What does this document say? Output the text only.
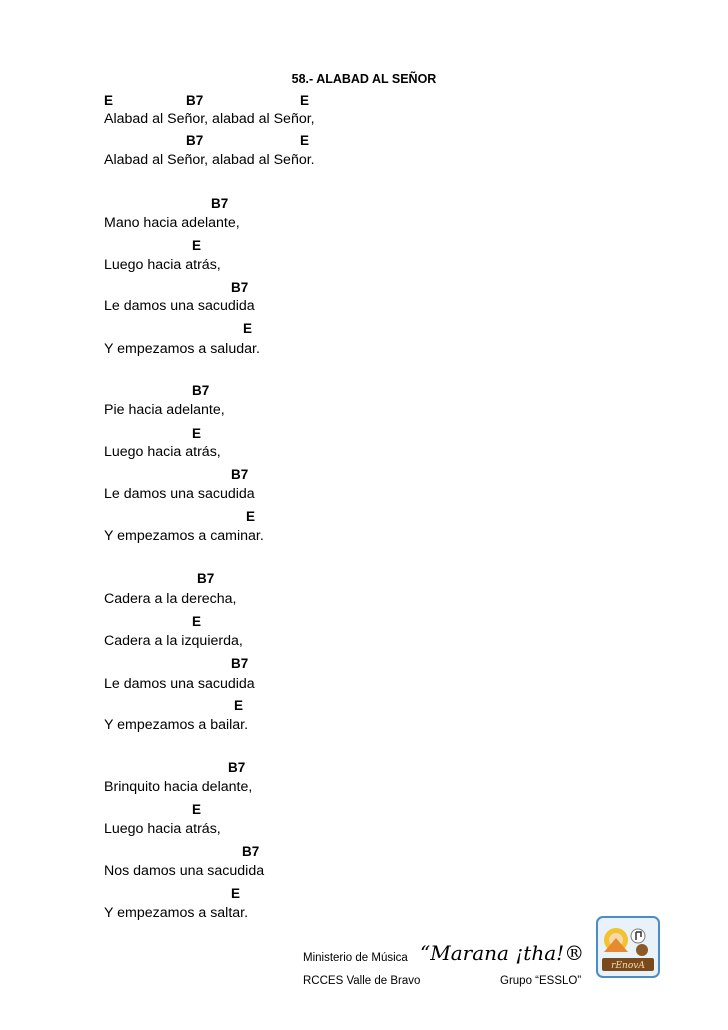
58.- ALABAD AL SEÑOR
E	B7	E
Alabad al Señor, alabad al Señor,
B7	E
Alabad al Señor, alabad al Señor.
B7
Mano hacia adelante,
E
Luego hacia atrás,
B7
Le damos una sacudida
E
Y empezamos a saludar.
B7
Pie hacia adelante,
E
Luego hacia atrás,
B7
Le damos una sacudida
E
Y empezamos a caminar.
B7
Cadera a la derecha,
E
Cadera a la izquierda,
B7
Le damos una sacudida
E
Y empezamos a bailar.
B7
Brinquito hacia delante,
E
Luego hacia atrás,
B7
Nos damos una sacudida
E
Y empezamos a saltar.
Ministerio de Música “Marana ¡tha!®
RCCES Valle de Bravo	Grupo “ESSLO”
rEnovA
